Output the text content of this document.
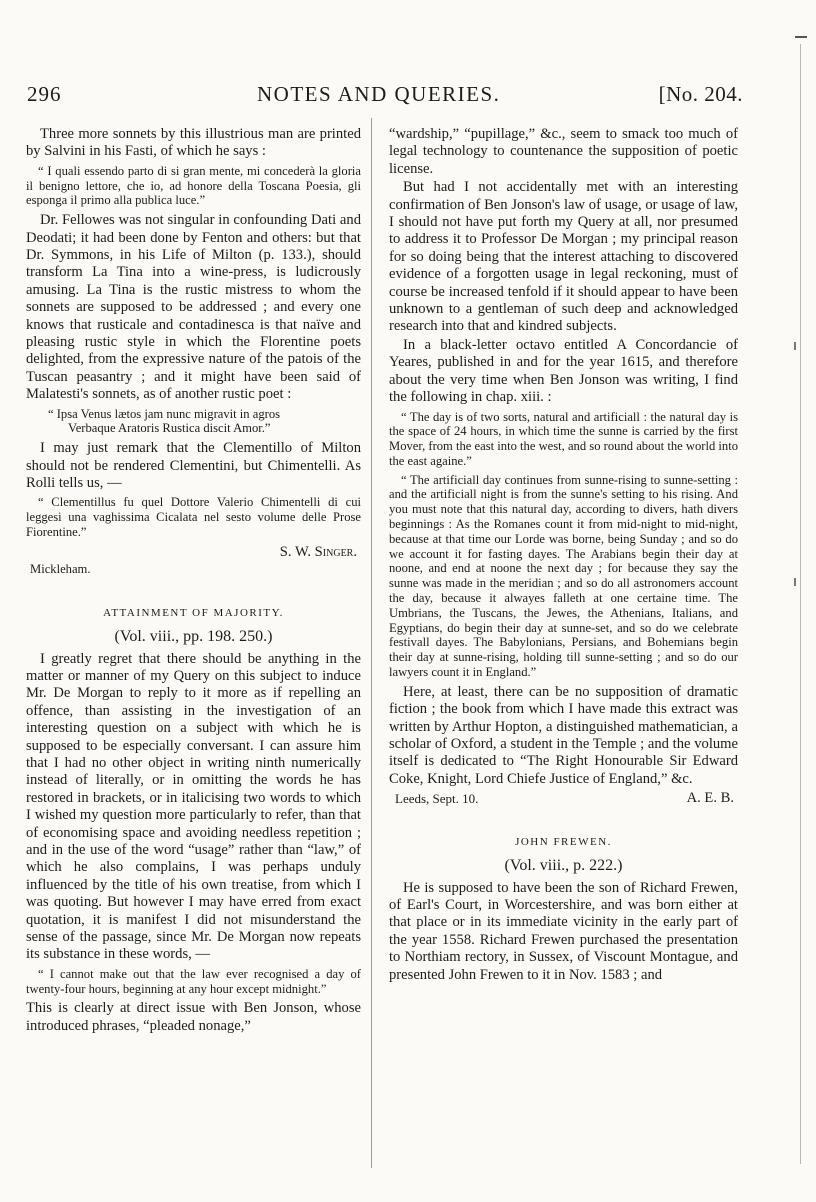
296	NOTES AND QUERIES.	[No. 204.

Three more sonnets by this illustrious man are printed by Salvini in his Fasti, of which he says :

“ I quali essendo parto di si gran mente, mi concederà la gloria il benigno lettore, che io, ad honore della Toscana Poesia, gli esponga il primo alla publica luce.”

Dr. Fellowes was not singular in confounding Dati and Deodati; it had been done by Fenton and others: but that Dr. Symmons, in his Life of Milton (p. 133.), should transform La Tina into a wine-press, is ludicrously amusing. La Tina is the rustic mistress to whom the sonnets are supposed to be addressed ; and every one knows that rusticale and contadinesca is that naïve and pleasing rustic style in which the Florentine poets delighted, from the expressive nature of the patois of the Tuscan peasantry ; and it might have been said of Malatesti's sonnets, as of another rustic poet :

“ Ipsa Venus lætos jam nunc migravit in agros
Verbaque Aratoris Rustica discit Amor.”

I may just remark that the Clementillo of Milton should not be rendered Clementini, but Chimentelli. As Rolli tells us, —

“ Clementillus fu quel Dottore Valerio Chimentelli di cui leggesi una vaghissima Cicalata nel sesto volume delle Prose Fiorentine.”

S. W. Singer.

Mickleham.

ATTAINMENT OF MAJORITY.

(Vol. viii., pp. 198. 250.)

I greatly regret that there should be anything in the matter or manner of my Query on this subject to induce Mr. De Morgan to reply to it more as if repelling an offence, than assisting in the investigation of an interesting question on a subject with which he is supposed to be especially conversant. I can assure him that I had no other object in writing ninth numerically instead of literally, or in omitting the words he has restored in brackets, or in italicising two words to which I wished my question more particularly to refer, than that of economising space and avoiding needless repetition ; and in the use of the word “usage” rather than “law,” of which he also complains, I was perhaps unduly influenced by the title of his own treatise, from which I was quoting. But however I may have erred from exact quotation, it is manifest I did not misunderstand the sense of the passage, since Mr. De Morgan now repeats its substance in these words, —

“ I cannot make out that the law ever recognised a day of twenty-four hours, beginning at any hour except midnight.”

This is clearly at direct issue with Ben Jonson, whose introduced phrases, “pleaded nonage,”

“wardship,” “pupillage,” &c., seem to smack too much of legal technology to countenance the supposition of poetic license.

But had I not accidentally met with an interesting confirmation of Ben Jonson's law of usage, or usage of law, I should not have put forth my Query at all, nor presumed to address it to Professor De Morgan ; my principal reason for so doing being that the interest attaching to discovered evidence of a forgotten usage in legal reckoning, must of course be increased tenfold if it should appear to have been unknown to a gentleman of such deep and acknowledged research into that and kindred subjects.

In a black-letter octavo entitled A Concordancie of Yeares, published in and for the year 1615, and therefore about the very time when Ben Jonson was writing, I find the following in chap. xiii. :

“ The day is of two sorts, natural and artificiall : the natural day is the space of 24 hours, in which time the sunne is carried by the first Mover, from the east into the west, and so round about the world into the east againe.”

“ The artificiall day continues from sunne-rising to sunne-setting : and the artificiall night is from the sunne's setting to his rising. And you must note that this natural day, according to divers, hath divers beginnings : As the Romanes count it from mid-night to mid-night, because at that time our Lorde was borne, being Sunday ; and so do we account it for fasting dayes. The Arabians begin their day at noone, and end at noone the next day ; for because they say the sunne was made in the meridian ; and so do all astronomers account the day, because it alwayes falleth at one certaine time. The Umbrians, the Tuscans, the Jewes, the Athenians, Italians, and Egyptians, do begin their day at sunne-set, and so do we celebrate festivall dayes. The Babylonians, Persians, and Bohemians begin their day at sunne-rising, holding till sunne-setting ; and so do our lawyers count it in England.”

Here, at least, there can be no supposition of dramatic fiction ; the book from which I have made this extract was written by Arthur Hopton, a distinguished mathematician, a scholar of Oxford, a student in the Temple ; and the volume itself is dedicated to “The Right Honourable Sir Edward Coke, Knight, Lord Chiefe Justice of England,” &c.

Leeds, Sept. 10.	A. E. B.

JOHN FREWEN.

(Vol. viii., p. 222.)

He is supposed to have been the son of Richard Frewen, of Earl's Court, in Worcestershire, and was born either at that place or in its immediate vicinity in the early part of the year 1558. Richard Frewen purchased the presentation to Northiam rectory, in Sussex, of Viscount Montague, and presented John Frewen to it in Nov. 1583 ; and
